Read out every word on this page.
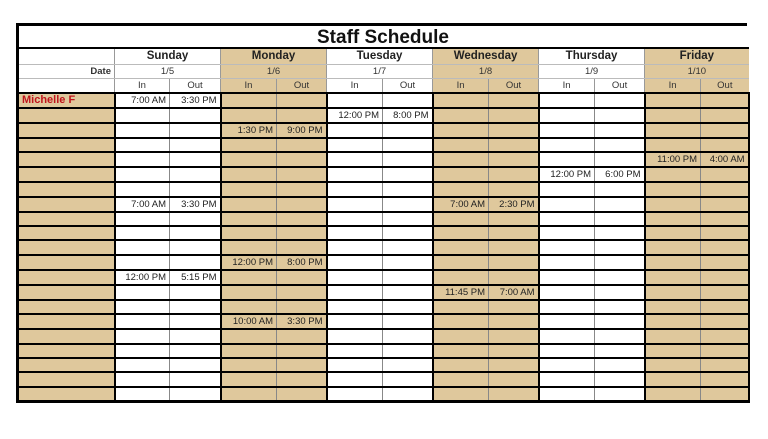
Staff Schedule
	Sunday		Monday		Tuesday		Wednesday		Thursday		Friday	
Date	1/5		1/6		1/7		1/8		1/9		1/10	
	In	Out	In	Out	In	Out	In	Out	In	Out	In	Out
Michelle F	7:00 AM	3:30 PM										
					12:00 PM	8:00 PM						
			1:30 PM	9:00 PM								

											11:00 PM	4:00 AM
									12:00 PM	6:00 PM		

	7:00 AM	3:30 PM					7:00 AM	2:30 PM				

			12:00 PM	8:00 PM								
	12:00 PM	5:15 PM										
							11:45 PM	7:00 AM				

			10:00 AM	3:30 PM								
